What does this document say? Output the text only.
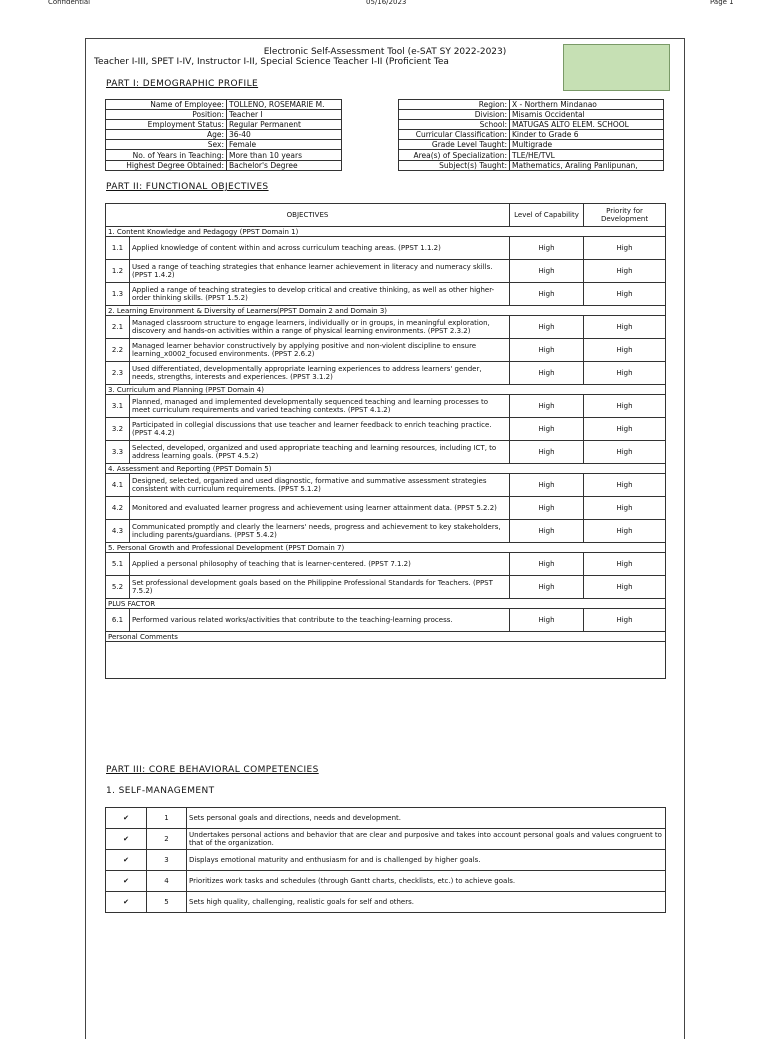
Confidential	05/16/2023	Page 1
Electronic Self-Assessment Tool (e-SAT SY 2022-2023)
Teacher I-III, SPET I-IV, Instructor I-II, Special Science Teacher I-II (Proficient Tea
PART I: DEMOGRAPHIC PROFILE
Name of Employee:	TOLLENO, ROSEMARIE M.
Position:	Teacher I
Employment Status:	Regular Permanent
Age:	36-40
Sex:	Female
No. of Years in Teaching:	More than 10 years
Highest Degree Obtained:	Bachelor's Degree
Region:	X - Northern Mindanao
Division:	Misamis Occidental
School:	MATUGAS ALTO ELEM. SCHOOL
Curricular Classification:	Kinder to Grade 6
Grade Level Taught:	Multigrade
Area(s) of Specialization:	TLE/HE/TVL
Subject(s) Taught:	Mathematics, Araling Panlipunan,
PART II: FUNCTIONAL OBJECTIVES
OBJECTIVES		Level of Capability	Priority for Development
1. Content Knowledge and Pedagogy (PPST Domain 1)			
1.1	Applied knowledge of content within and across curriculum teaching areas. (PPST 1.1.2)	High	High
1.2	Used a range of teaching strategies that enhance learner achievement in literacy and numeracy skills. (PPST 1.4.2)	High	High
1.3	Applied a range of teaching strategies to develop critical and creative thinking, as well as other higher-order thinking skills. (PPST 1.5.2)	High	High
2. Learning Environment & Diversity of Learners(PPST Domain 2 and Domain 3)			
2.1	Managed classroom structure to engage learners, individually or in groups, in meaningful exploration, discovery and hands-on activities within a range of physical learning environments. (PPST 2.3.2)	High	High
2.2	Managed learner behavior constructively by applying positive and non-violent discipline to ensure learning_x0002_focused environments. (PPST 2.6.2)	High	High
2.3	Used differentiated, developmentally appropriate learning experiences to address learners' gender, needs, strengths, interests and experiences. (PPST 3.1.2)	High	High
3. Curriculum and Planning (PPST Domain 4)			
3.1	Planned, managed and implemented developmentally sequenced teaching and learning processes to meet curriculum requirements and varied teaching contexts. (PPST 4.1.2)	High	High
3.2	Participated in collegial discussions that use teacher and learner feedback to enrich teaching practice. (PPST 4.4.2)	High	High
3.3	Selected, developed, organized and used appropriate teaching and learning resources, including ICT, to address learning goals. (PPST 4.5.2)	High	High
4. Assessment and Reporting (PPST Domain 5)			
4.1	Designed, selected, organized and used diagnostic, formative and summative assessment strategies consistent with curriculum requirements. (PPST 5.1.2)	High	High
4.2	Monitored and evaluated learner progress and achievement using learner attainment data. (PPST 5.2.2)	High	High
4.3	Communicated promptly and clearly the learners' needs, progress and achievement to key stakeholders, including parents/guardians. (PPST 5.4.2)	High	High
5. Personal Growth and Professional Development (PPST Domain 7)			
5.1	Applied a personal philosophy of teaching that is learner-centered. (PPST 7.1.2)	High	High
5.2	Set professional development goals based on the Philippine Professional Standards for Teachers. (PPST 7.5.2)	High	High
PLUS FACTOR			
6.1	Performed various related works/activities that contribute to the teaching-learning process.	High	High
Personal Comments			

PART III: CORE BEHAVIORAL COMPETENCIES
1. SELF-MANAGEMENT
✔	1	Sets personal goals and directions, needs and development.
✔	2	Undertakes personal actions and behavior that are clear and purposive and takes into account personal goals and values congruent to that of the organization.
✔	3	Displays emotional maturity and enthusiasm for and is challenged by higher goals.
✔	4	Prioritizes work tasks and schedules (through Gantt charts, checklists, etc.) to achieve goals.
✔	5	Sets high quality, challenging, realistic goals for self and others.
